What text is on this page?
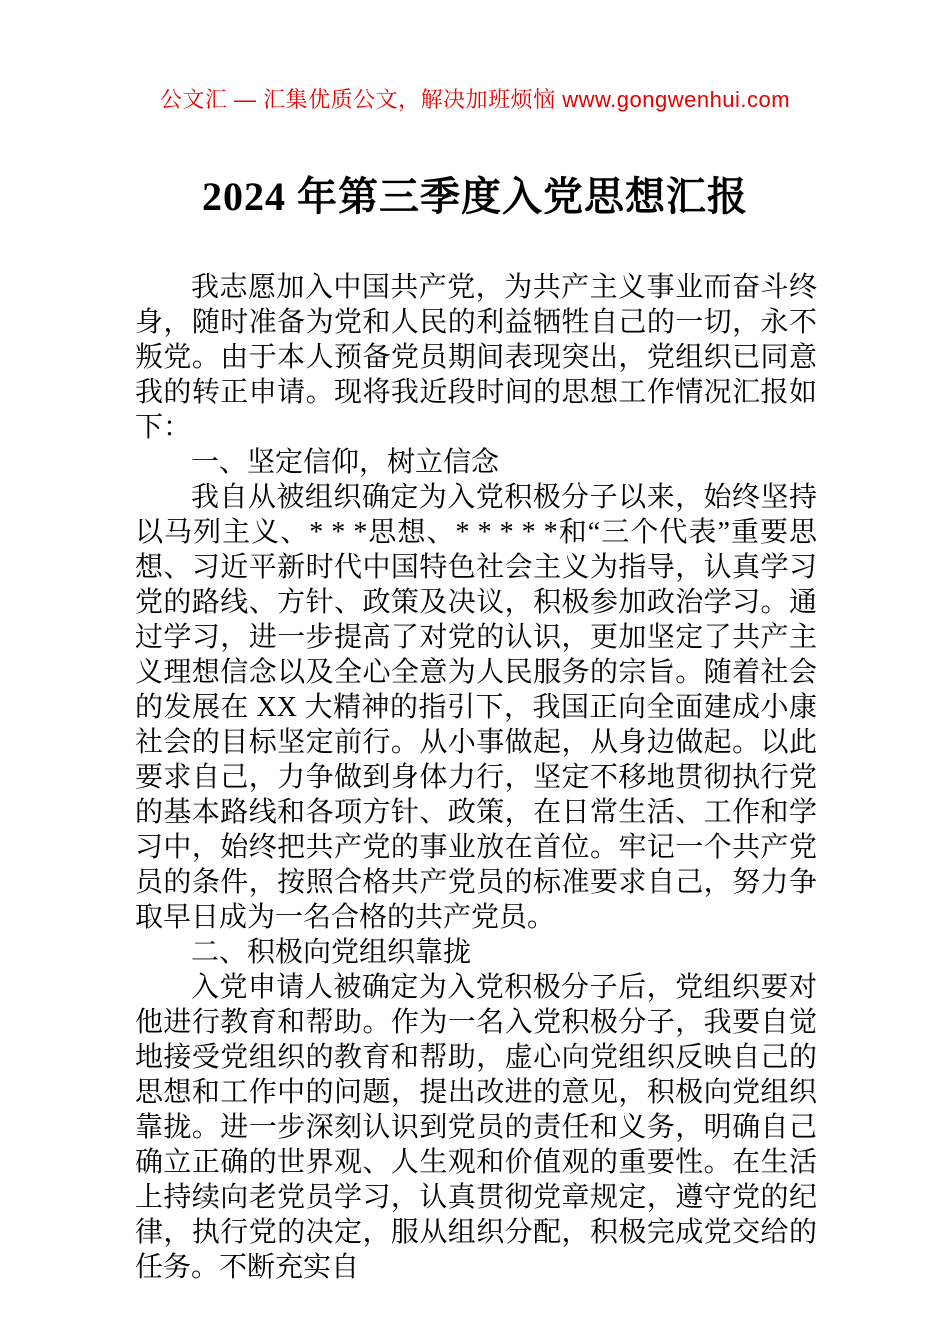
公文汇 — 汇集优质公文，解决加班烦恼 www.gongwenhui.com
2024 年第三季度入党思想汇报

我志愿加入中国共产党，为共产主义事业而奋斗终身，随时准备为党和人民的利益牺牲自己的一切，永不叛党。由于本人预备党员期间表现突出，党组织已同意我的转正申请。现将我近段时间的思想工作情况汇报如下：

一、坚定信仰，树立信念

我自从被组织确定为入党积极分子以来，始终坚持以马列主义、* * *思想、* * * * *和“三个代表”重要思想、习近平新时代中国特色社会主义为指导，认真学习党的路线、方针、政策及决议，积极参加政治学习。通过学习，进一步提高了对党的认识，更加坚定了共产主义理想信念以及全心全意为人民服务的宗旨。随着社会的发展在 XX 大精神的指引下，我国正向全面建成小康社会的目标坚定前行。从小事做起，从身边做起。以此要求自己，力争做到身体力行，坚定不移地贯彻执行党的基本路线和各项方针、政策，在日常生活、工作和学习中，始终把共产党的事业放在首位。牢记一个共产党员的条件，按照合格共产党员的标准要求自己，努力争取早日成为一名合格的共产党员。

二、积极向党组织靠拢

入党申请人被确定为入党积极分子后，党组织要对他进行教育和帮助。作为一名入党积极分子，我要自觉地接受党组织的教育和帮助，虚心向党组织反映自己的思想和工作中的问题，提出改进的意见，积极向党组织靠拢。进一步深刻认识到党员的责任和义务，明确自己确立正确的世界观、人生观和价值观的重要性。在生活上持续向老党员学习，认真贯彻党章规定，遵守党的纪律，执行党的决定，服从组织分配，积极完成党交给的任务。不断充实自
